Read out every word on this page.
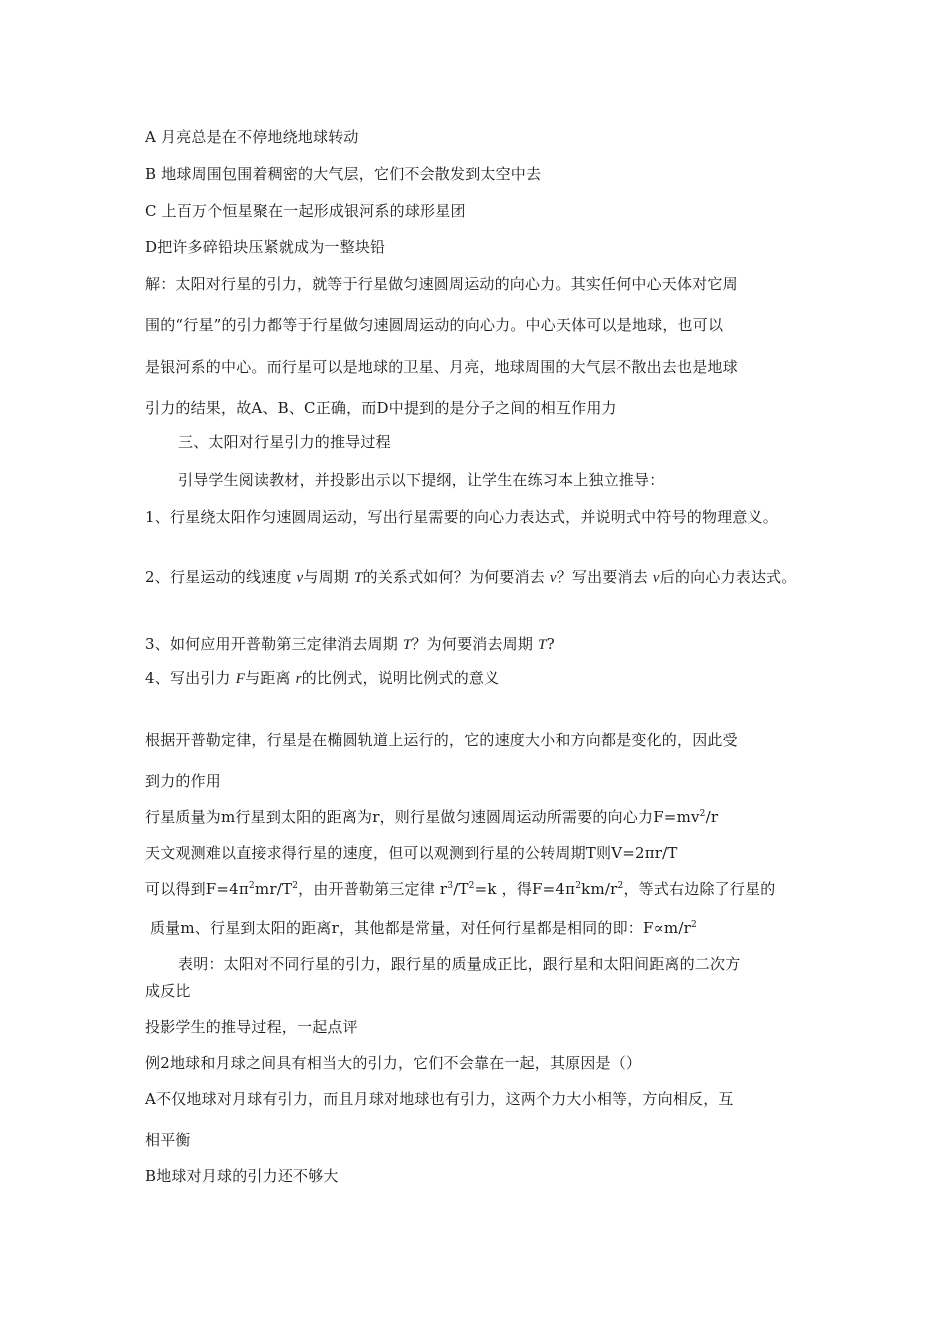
A 月亮总是在不停地绕地球转动
B 地球周围包围着稠密的大气层，它们不会散发到太空中去
C 上百万个恒星聚在一起形成银河系的球形星团
D把许多碎铅块压紧就成为一整块铅
解：太阳对行星的引力，就等于行星做匀速圆周运动的向心力。其实任何中心天体对它周
围的“行星”的引力都等于行星做匀速圆周运动的向心力。中心天体可以是地球，也可以
是银河系的中心。而行星可以是地球的卫星、月亮，地球周围的大气层不散出去也是地球
引力的结果，故A、B、C正确，而D中提到的是分子之间的相互作用力
三、太阳对行星引力的推导过程
引导学生阅读教材，并投影出示以下提纲，让学生在练习本上独立推导：
1、行星绕太阳作匀速圆周运动，写出行星需要的向心力表达式，并说明式中符号的物理意义。
2、行星运动的线速度 v与周期 T的关系式如何？为何要消去 v？写出要消去 v后的向心力表达式。
3、如何应用开普勒第三定律消去周期 T？为何要消去周期 T?
4、写出引力 F与距离 r的比例式，说明比例式的意义
根据开普勒定律，行星是在椭圆轨道上运行的，它的速度大小和方向都是变化的，因此受
到力的作用
行星质量为m行星到太阳的距离为r，则行星做匀速圆周运动所需要的向心力$F=mv^2/r$
天文观测难以直接求得行星的速度，但可以观测到行星的公转周期T则V=2πr/T
可以得到$F=4\pi^2mr/T^2$，由开普勒第三定律 $r^3/T^2=k$ ，得$F=4\pi^2km/r^2$，等式右边除了行星的
质量m、行星到太阳的距离r，其他都是常量，对任何行星都是相同的即：$F\propto m/r^2$
表明：太阳对不同行星的引力，跟行星的质量成正比，跟行星和太阳间距离的二次方
成反比
投影学生的推导过程，一起点评
例2地球和月球之间具有相当大的引力，它们不会靠在一起，其原因是（）
A不仅地球对月球有引力，而且月球对地球也有引力，这两个力大小相等，方向相反，互
相平衡
B地球对月球的引力还不够大
